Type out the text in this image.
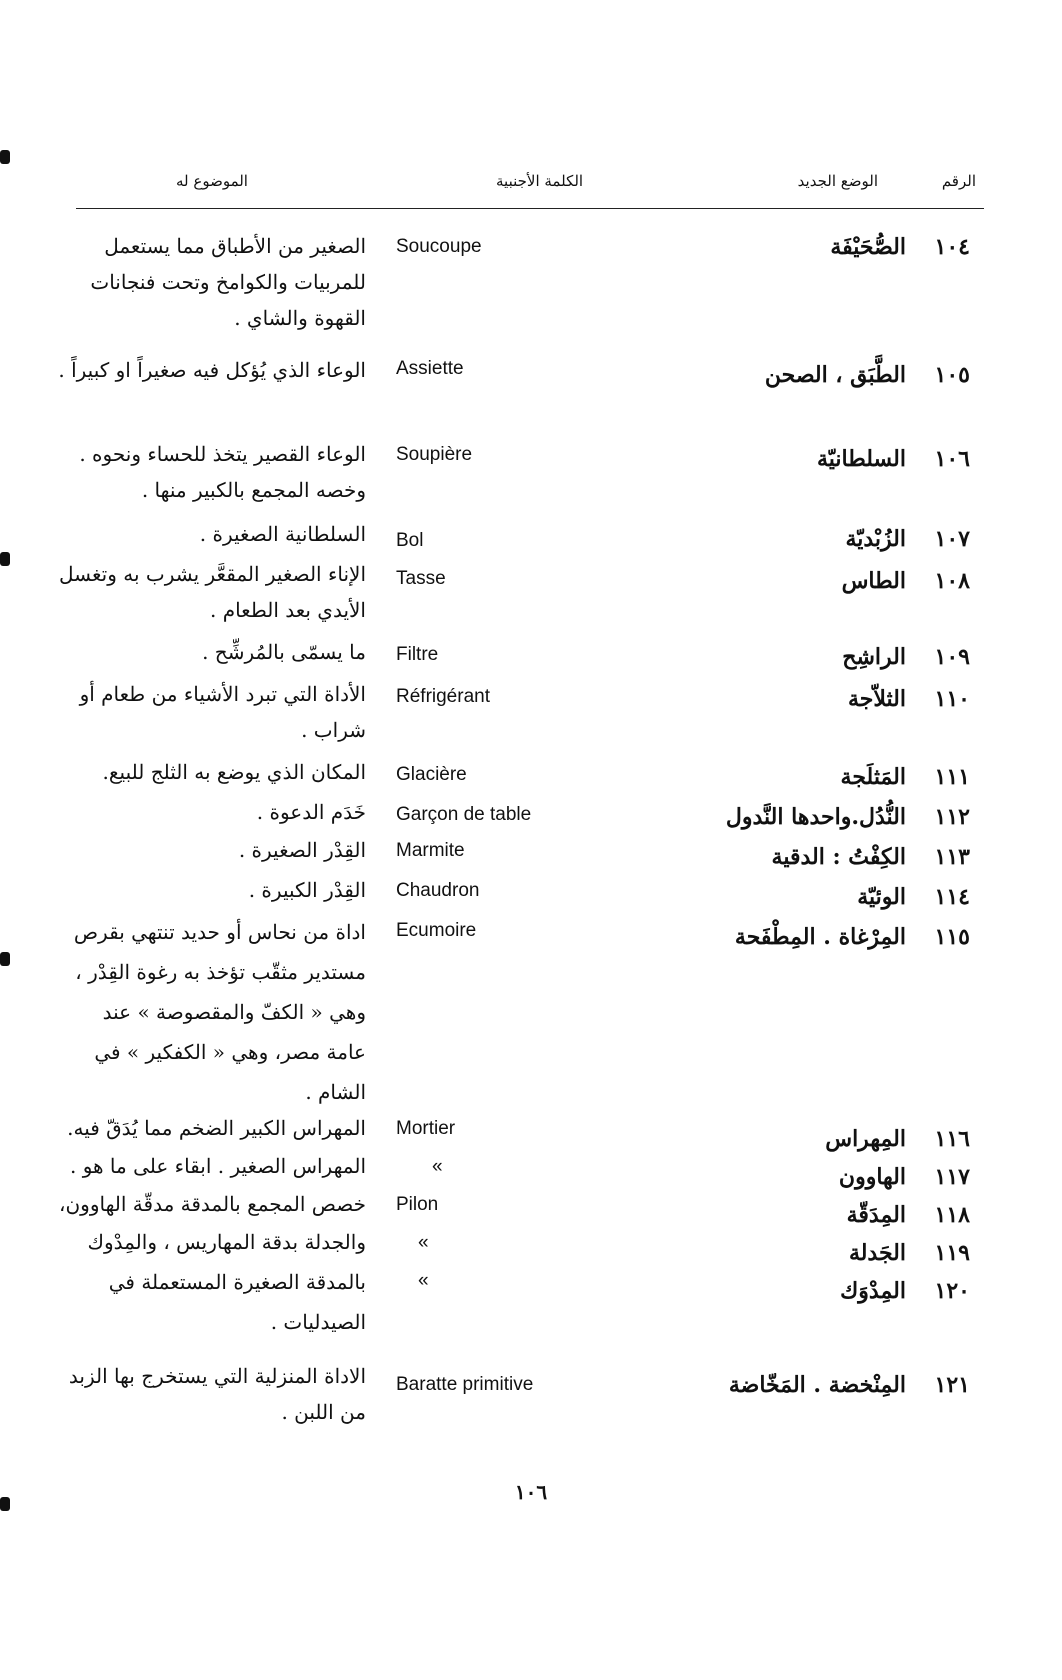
الرقم
الوضع الجديد
الكلمة الأجنبية
الموضوع له
١٠٤
الصُّحَيْفَة
Soucoupe
الصغير من الأطباق مما يستعمل للمربيات والكوامخ وتحت فنجانات القهوة والشاي .
١٠٥
الطَّبَق ، الصحن
Assiette
الوعاء الذي يُؤكل فيه صغيراً او كبيراً .
١٠٦
السلطانيّة
Soupière
الوعاء القصير يتخذ للحساء ونحوه . وخصه المجمع بالكبير منها .
١٠٧
الزُبْديّة
Bol
السلطانية الصغيرة .
١٠٨
الطاس
Tasse
الإناء الصغير المقعَّر يشرب به وتغسل الأيدي بعد الطعام .
١٠٩
الراشِح
Filtre
ما يسمّى بالمُرشِّح .
١١٠
الثلاّجة
Réfrigérant
الأداة التي تبرد الأشياء من طعام أو شراب .
١١١
المَثلَجة
Glacière
المكان الذي يوضع به الثلج للبيع.
١١٢
النُّدُل.واحدها النَّدول
Garçon de table
خَدَم الدعوة .
١١٣
الكِفْتُ : الدقية
Marmite
القِدْر الصغيرة .
١١٤
الوئيّة
Chaudron
القِدْر الكبيرة .
١١٥
المِرْغاة . المِطْفَحة
Ecumoire
اداة من نحاس أو حديد تنتهي بقرص مستدير مثقّب تؤخذ به رغوة القِدْر ، وهي « الكفّ والمقصوصة » عند عامة مصر، وهي « الكفكير » في الشام .
١١٦
المِهراس
Mortier
المهراس الكبير الضخم مما يُدَقّ فيه.
١١٧
الهاوون
«
المهراس الصغير . ابقاء على ما هو .
١١٨
المِدَقّة
Pilon
خصص المجمع بالمدقة مدقّة الهاوون،
١١٩
الجَدلة
«
والجدلة بدقة المهاريس ، والمِدْوك
١٢٠
المِدْوَك
«
بالمدقة الصغيرة المستعملة في الصيدليات .
١٢١
المِنْخضة . المَخّاضة
Baratte primitive
الاداة المنزلية التي يستخرج بها الزبد من اللبن .
١٠٦
